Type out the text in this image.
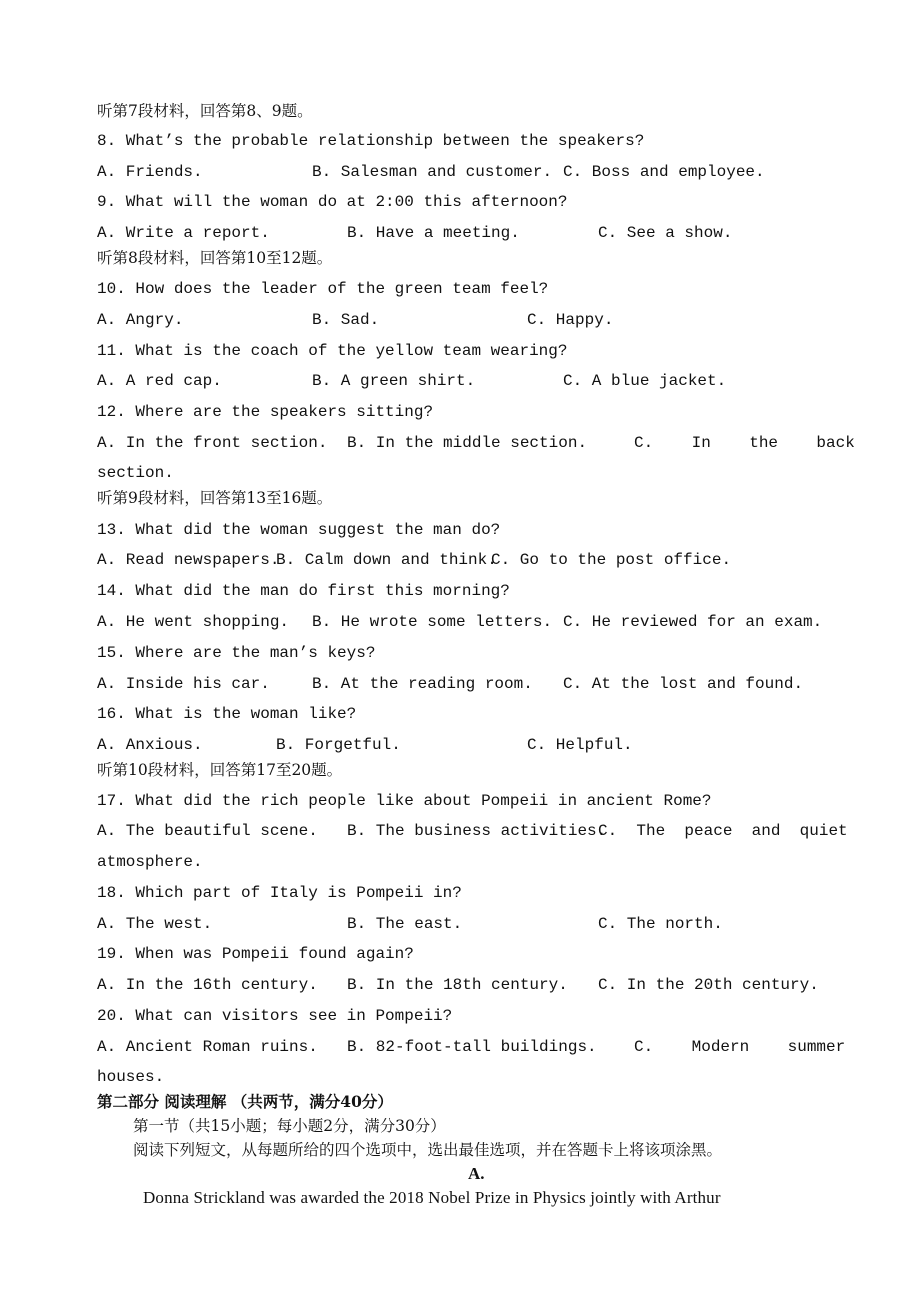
听第7段材料，回答第8、9题。
8. What’s the probable relationship between the speakers?
A. Friends.	B. Salesman and customer. C. Boss and employee.
9. What will the woman do at 2:00 this afternoon?
A. Write a report.	B. Have a meeting.	C. See a show.
听第8段材料，回答第10至12题。
10. How does the leader of the green team feel?
A. Angry.	B. Sad.	C. Happy.
11. What is the coach of the yellow team wearing?
A. A red cap.	B. A green shirt.	C. A blue jacket.
12. Where are the speakers sitting?
A. In the front section. B. In the middle section.	C.    In    the    back
section.
听第9段材料，回答第13至16题。
13. What did the woman suggest the man do?
A. Read newspapers.
B. Calm down and think.
C. Go to the post office.
14. What did the man do first this morning?
A. He went shopping. B. He wrote some letters. C. He reviewed for an exam.
15. Where are the man’s keys?
A. Inside his car.	B. At the reading room. C. At the lost and found.
16. What is the woman like?
A. Anxious.	B. Forgetful.	C. Helpful.
听第10段材料，回答第17至20题。
17. What did the rich people like about Pompeii in ancient Rome?
A. The beautiful scene. B. The business activities.
C.  The  peace  and  quiet
atmosphere.
18. Which part of Italy is Pompeii in?
A. The west.	B. The east.	C. The north.
19. When was Pompeii found again?
A. In the 16th century. B. In the 18th century. C. In the 20th century.
20. What can visitors see in Pompeii?
A. Ancient Roman ruins. B. 82-foot-tall buildings. C.    Modern    summer
houses.
第二部分 阅读理解 （共两节，满分40分）
第一节（共15小题；每小题2分，满分30分）
阅读下列短文，从每题所给的四个选项中，选出最佳选项，并在答题卡上将该项涂黑。
A.
Donna Strickland was awarded the 2018 Nobel Prize in Physics jointly with Arthur
